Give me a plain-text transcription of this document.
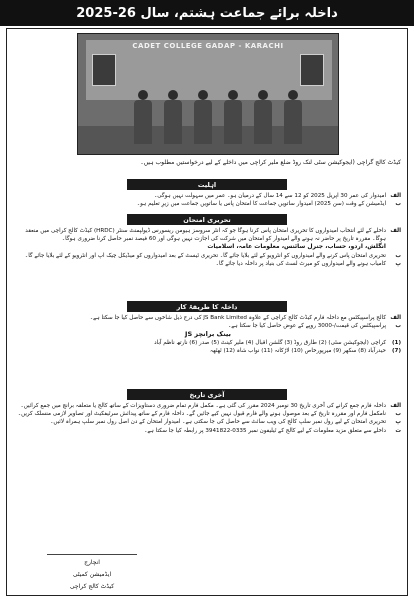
داخلہ برائے جماعت ہشتم، سال 26-2025
CADET COLLEGE GADAP - KARACHI
کیڈٹ کالج گراچی (ایجوکیشن سٹی لنک روڈ ضلع ملیر کراچی میں داخلے کے لیے درخواستیں مطلوب ہیں۔
اہلیت
الف
امیدوار کی عمر 30 اپریل 2025 کو 12 سے 14 سال کے درمیان ہو۔ عمر میں سہولت نہیں ہوگی۔
ب
ایڈمیشن کے وقت (سن 2025) امیدوار ساتویں جماعت کا امتحان پاس یا ساتویں جماعت میں زیرِ تعلیم ہو۔
تحریری امتحان
الف
داخلے کے لئے انتخاب امیدواروں کا تحریری امتحان پاس کرنا ہوگا جو کہ انٹر سروسز ہیومن ریسورس ڈیولپمنٹ سنٹر (HRDC) کیڈٹ کالج کراچی میں منعقد ہوگا۔ مقررہ تاریخ پر حاضر نہ ہونے والے امیدوار کو امتحان میں شرکت کی اجازت نہیں ہوگی اور 60 فیصد نمبر حاصل کرنا ضروری ہوگا۔
انگلش، اردو، حساب، جنرل سائنس، معلومات عامہ، اسلامیات
ب
تحریری امتحان پاس کرنے والے امیدواروں کو انٹرویو کے لئے بلایا جائے گا۔ تحریری ٹیسٹ کے بعد امیدواروں کو میڈیکل چیک اپ اور انٹرویو کے لئے بلایا جائے گا۔
پ
کامیاب ہونے والے امیدواروں کو میرٹ لسٹ کی بنیاد پر داخلہ دیا جائے گا۔
داخلہ کا طریقۂ کار
الف
کالج پراسپیکٹس مع داخلہ فارم کیڈٹ کالج کراچی کے علاوہ JS Bank Limited کی درج ذیل شاخوں سے حاصل کیا جا سکتا ہے۔
ب
پراسپیکٹس کی قیمت/-3000 روپے کے عوض حاصل کیا جا سکتا ہے۔
JS بینک برانچز
(1)
کراچی (ایجوکیشن سٹی) (2) طارق روڈ (3) گلشن اقبال (4) ملیر کینٹ (5) صدر (6) نارتھ ناظم آباد
(7)
حیدرآباد (8) سکھر (9) میرپورخاص (10) لاڑکانہ (11) نواب شاہ (12) ٹھٹھہ
آخری تاریخ
الف
داخلہ فارم جمع کرانے کی آخری تاریخ 30 نومبر 2024 مقرر کی گئی ہے۔ مکمل فارم تمام ضروری دستاویزات کے ساتھ کالج یا متعلقہ برانچ میں جمع کرائیں۔
ب
نامکمل فارم اور مقررہ تاریخ کے بعد موصول ہونے والے فارم قبول نہیں کیے جائیں گے۔ داخلہ فارم کے ساتھ پیدائش سرٹیفکیٹ اور تصاویر لازمی منسلک کریں۔
پ
تحریری امتحان کے لیے رول نمبر سلپ کالج کی ویب سائٹ سے حاصل کی جا سکتی ہے۔ امیدوار امتحان کے دن اصل رول نمبر سلپ ہمراہ لائیں۔
ت
داخلے سے متعلق مزید معلومات کے لیے کالج کے ٹیلیفون نمبر 0335-3941822 پر رابطہ کیا جا سکتا ہے۔
انچارج
ایڈمیشن کمیٹی
کیڈٹ کالج کراچی
